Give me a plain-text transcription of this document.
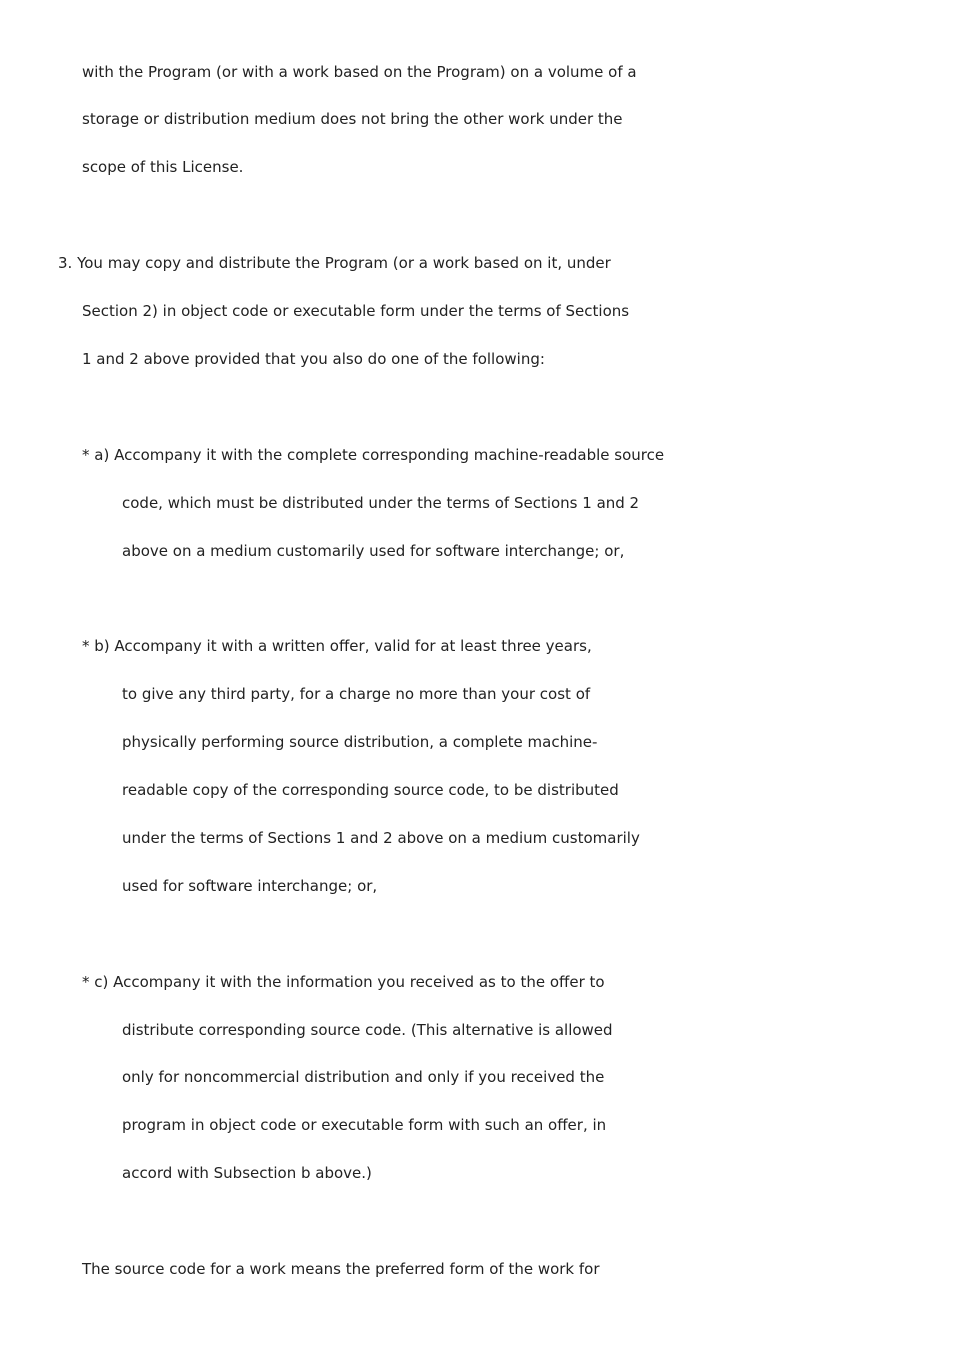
with the Program (or with a work based on the Program) on a volume of a

storage or distribution medium does not bring the other work under the

scope of this License.

3. You may copy and distribute the Program (or a work based on it, under

Section 2) in object code or executable form under the terms of Sections

1 and 2 above provided that you also do one of the following:

* a) Accompany it with the complete corresponding machine-readable source

code, which must be distributed under the terms of Sections 1 and 2

above on a medium customarily used for software interchange; or,

* b) Accompany it with a written offer, valid for at least three years,

to give any third party, for a charge no more than your cost of

physically performing source distribution, a complete machine-

readable copy of the corresponding source code, to be distributed

under the terms of Sections 1 and 2 above on a medium customarily

used for software interchange; or,

* c) Accompany it with the information you received as to the offer to

distribute corresponding source code. (This alternative is allowed

only for noncommercial distribution and only if you received the

program in object code or executable form with such an offer, in

accord with Subsection b above.)

The source code for a work means the preferred form of the work for
